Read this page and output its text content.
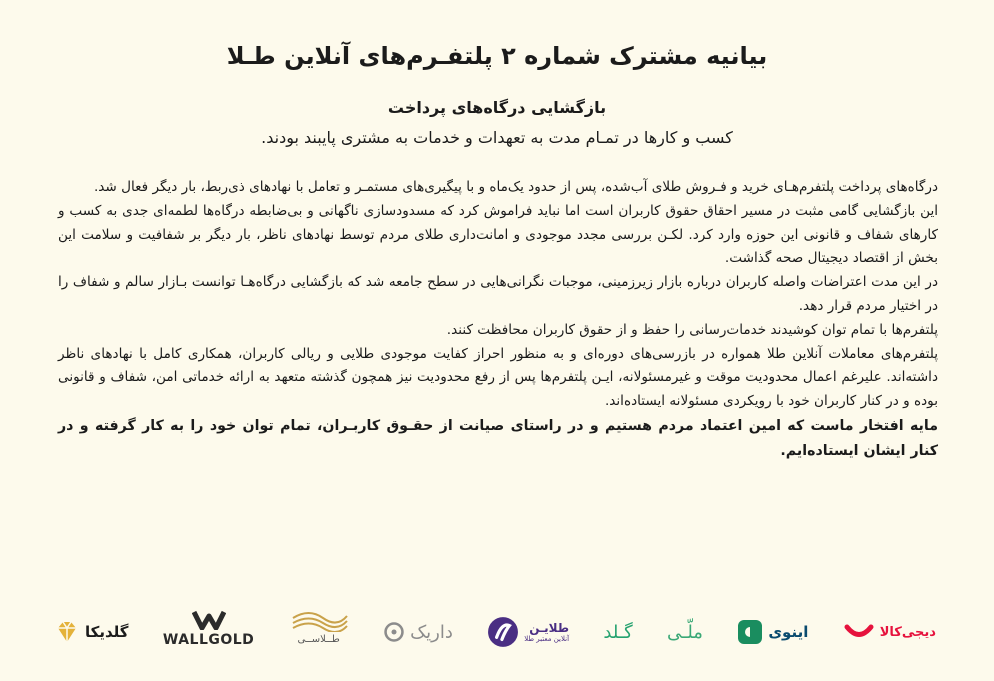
بیانیه مشترک شماره ۲ پلتفـرم‌های آنلاین طـلا
بازگشایی درگاه‌های پرداخت
کسب و کارها در تمـام مدت به تعهدات و خدمات به مشتری پایبند بودند.

درگاه‌های پرداخت پلتفرم‌هـای خرید و فـروش طلای آب‌شده، پس از حدود یک‌ماه و با پیگیری‌های مستمـر و تعامل با نهادهای ذی‌ربط، بار دیگر فعال شد.

این بازگشایی گامی مثبت در مسیر احقاق حقوق کاربران است اما نباید فراموش کرد که مسدودسازی ناگهانی و بی‌ضابطه درگاه‌ها لطمه‌ای جدی به کسب و کارهای شفاف و قانونی این حوزه وارد کرد. لکـن بررسی مجدد موجودی و امانت‌داری طلای مردم توسط نهادهای ناظر، بار دیگر بر شفافیت و سلامت این بخش از اقتصاد دیجیتال صحه گذاشت.

در این مدت اعتراضات واصله کاربران درباره بازار زیرزمینی، موجبات نگرانی‌هایی در سطح جامعه شد که بازگشایی درگاه‌هـا توانست بـازار سالم و شفاف را در اختیار مردم قرار دهد.

پلتفرم‌ها با تمام توان کوشیدند خدمات‌رسانی را حفظ و از حقوق کاربران محافظت کنند.

پلتفرم‌های معاملات آنلاین طلا همواره در بازرسی‌های دوره‌ای و به منظور احراز کفایت موجودی طلایی و ریالی کاربران، همکاری کامل با نهادهای ناظر داشته‌اند. علیرغم اعمال محدودیت موقت و غیرمسئولانه، ایـن پلتفرم‌ها پس از رفع محدودیت نیز همچون گذشته متعهد به ارائه خدماتی امن، شفاف و قانونی بوده و در کنار کاربران خود با رویکردی مسئولانه ایستاده‌اند.

مایه افتخار ماست که امین اعتماد مردم هستیم و در راستای صیانت از حقـوق کاربـران، تمام توان خود را به کار گرفته و در کنار ایشان ایستاده‌ایم.

دیجی‌کالا
اینوی
ملّـی
گـلد
طلایـن
آنلاین معتبر طلا
داریک
طــلاســی
WALLGOLD
گلدیکا
